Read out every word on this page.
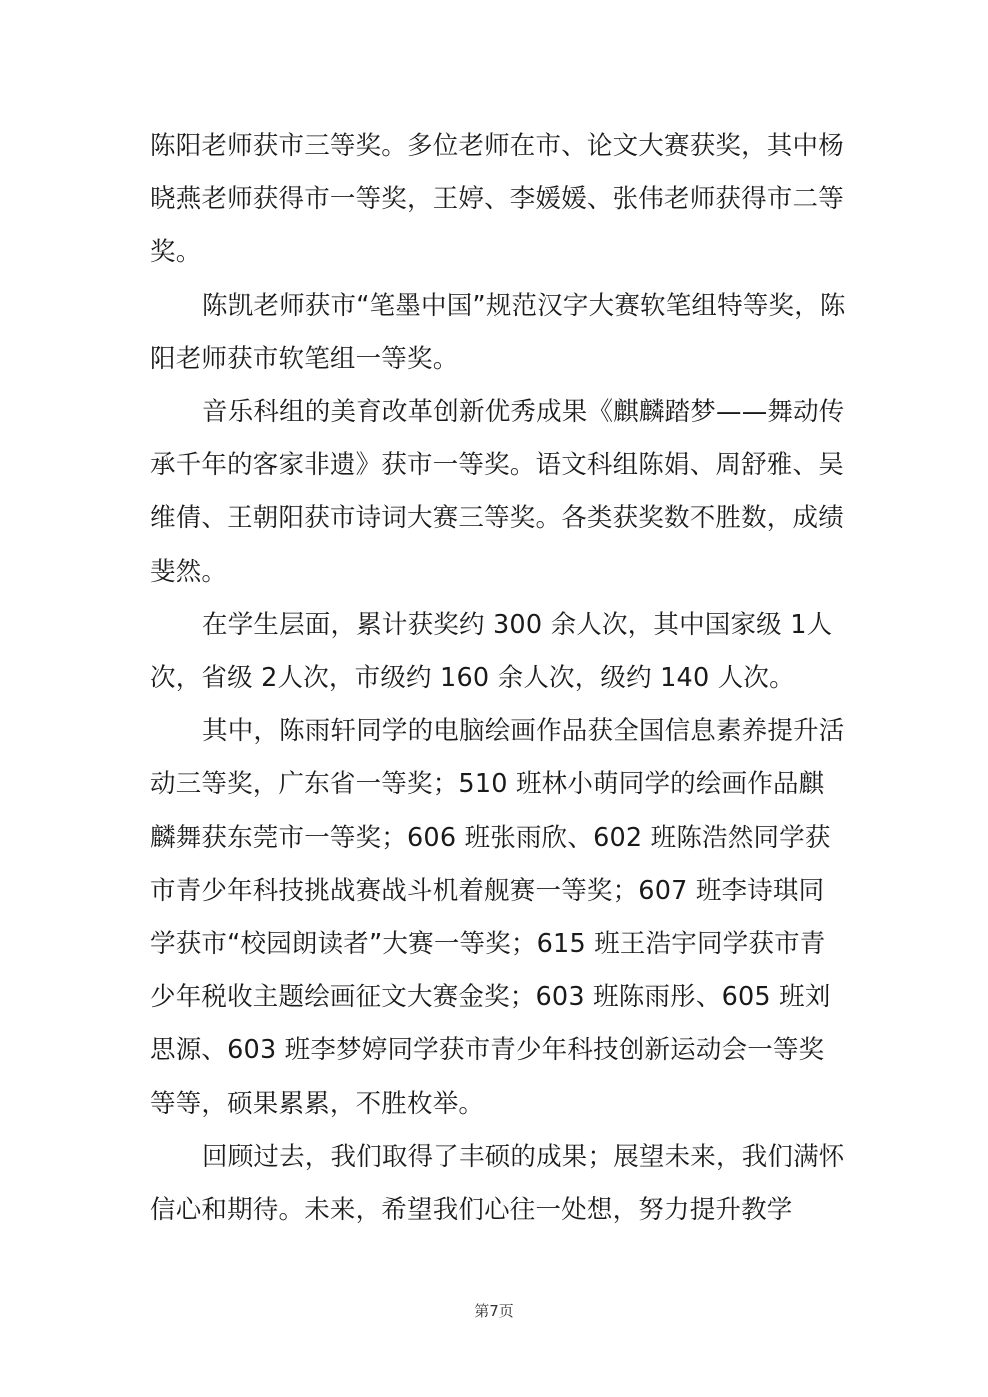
陈阳老师获市三等奖。多位老师在市、论文大赛获奖，其中杨晓燕老师获得市一等奖，王婷、李媛媛、张伟老师获得市二等奖。

陈凯老师获市“笔墨中国”规范汉字大赛软笔组特等奖，陈阳老师获市软笔组一等奖。

音乐科组的美育改革创新优秀成果《麒麟踏梦——舞动传承千年的客家非遗》获市一等奖。语文科组陈娟、周舒雅、吴维倩、王朝阳获市诗词大赛三等奖。各类获奖数不胜数，成绩斐然。

在学生层面，累计获奖约 300 余人次，其中国家级 1人次，省级 2人次，市级约 160 余人次，级约 140 人次。

其中，陈雨轩同学的电脑绘画作品获全国信息素养提升活动三等奖，广东省一等奖；510 班林小萌同学的绘画作品麒麟舞获东莞市一等奖；606 班张雨欣、602 班陈浩然同学获市青少年科技挑战赛战斗机着舰赛一等奖；607 班李诗琪同学获市“校园朗读者”大赛一等奖；615 班王浩宇同学获市青少年税收主题绘画征文大赛金奖；603 班陈雨彤、605 班刘思源、603 班李梦婷同学获市青少年科技创新运动会一等奖等等，硕果累累，不胜枚举。

回顾过去，我们取得了丰硕的成果；展望未来，我们满怀信心和期待。未来，希望我们心往一处想，努力提升教学

第7页
